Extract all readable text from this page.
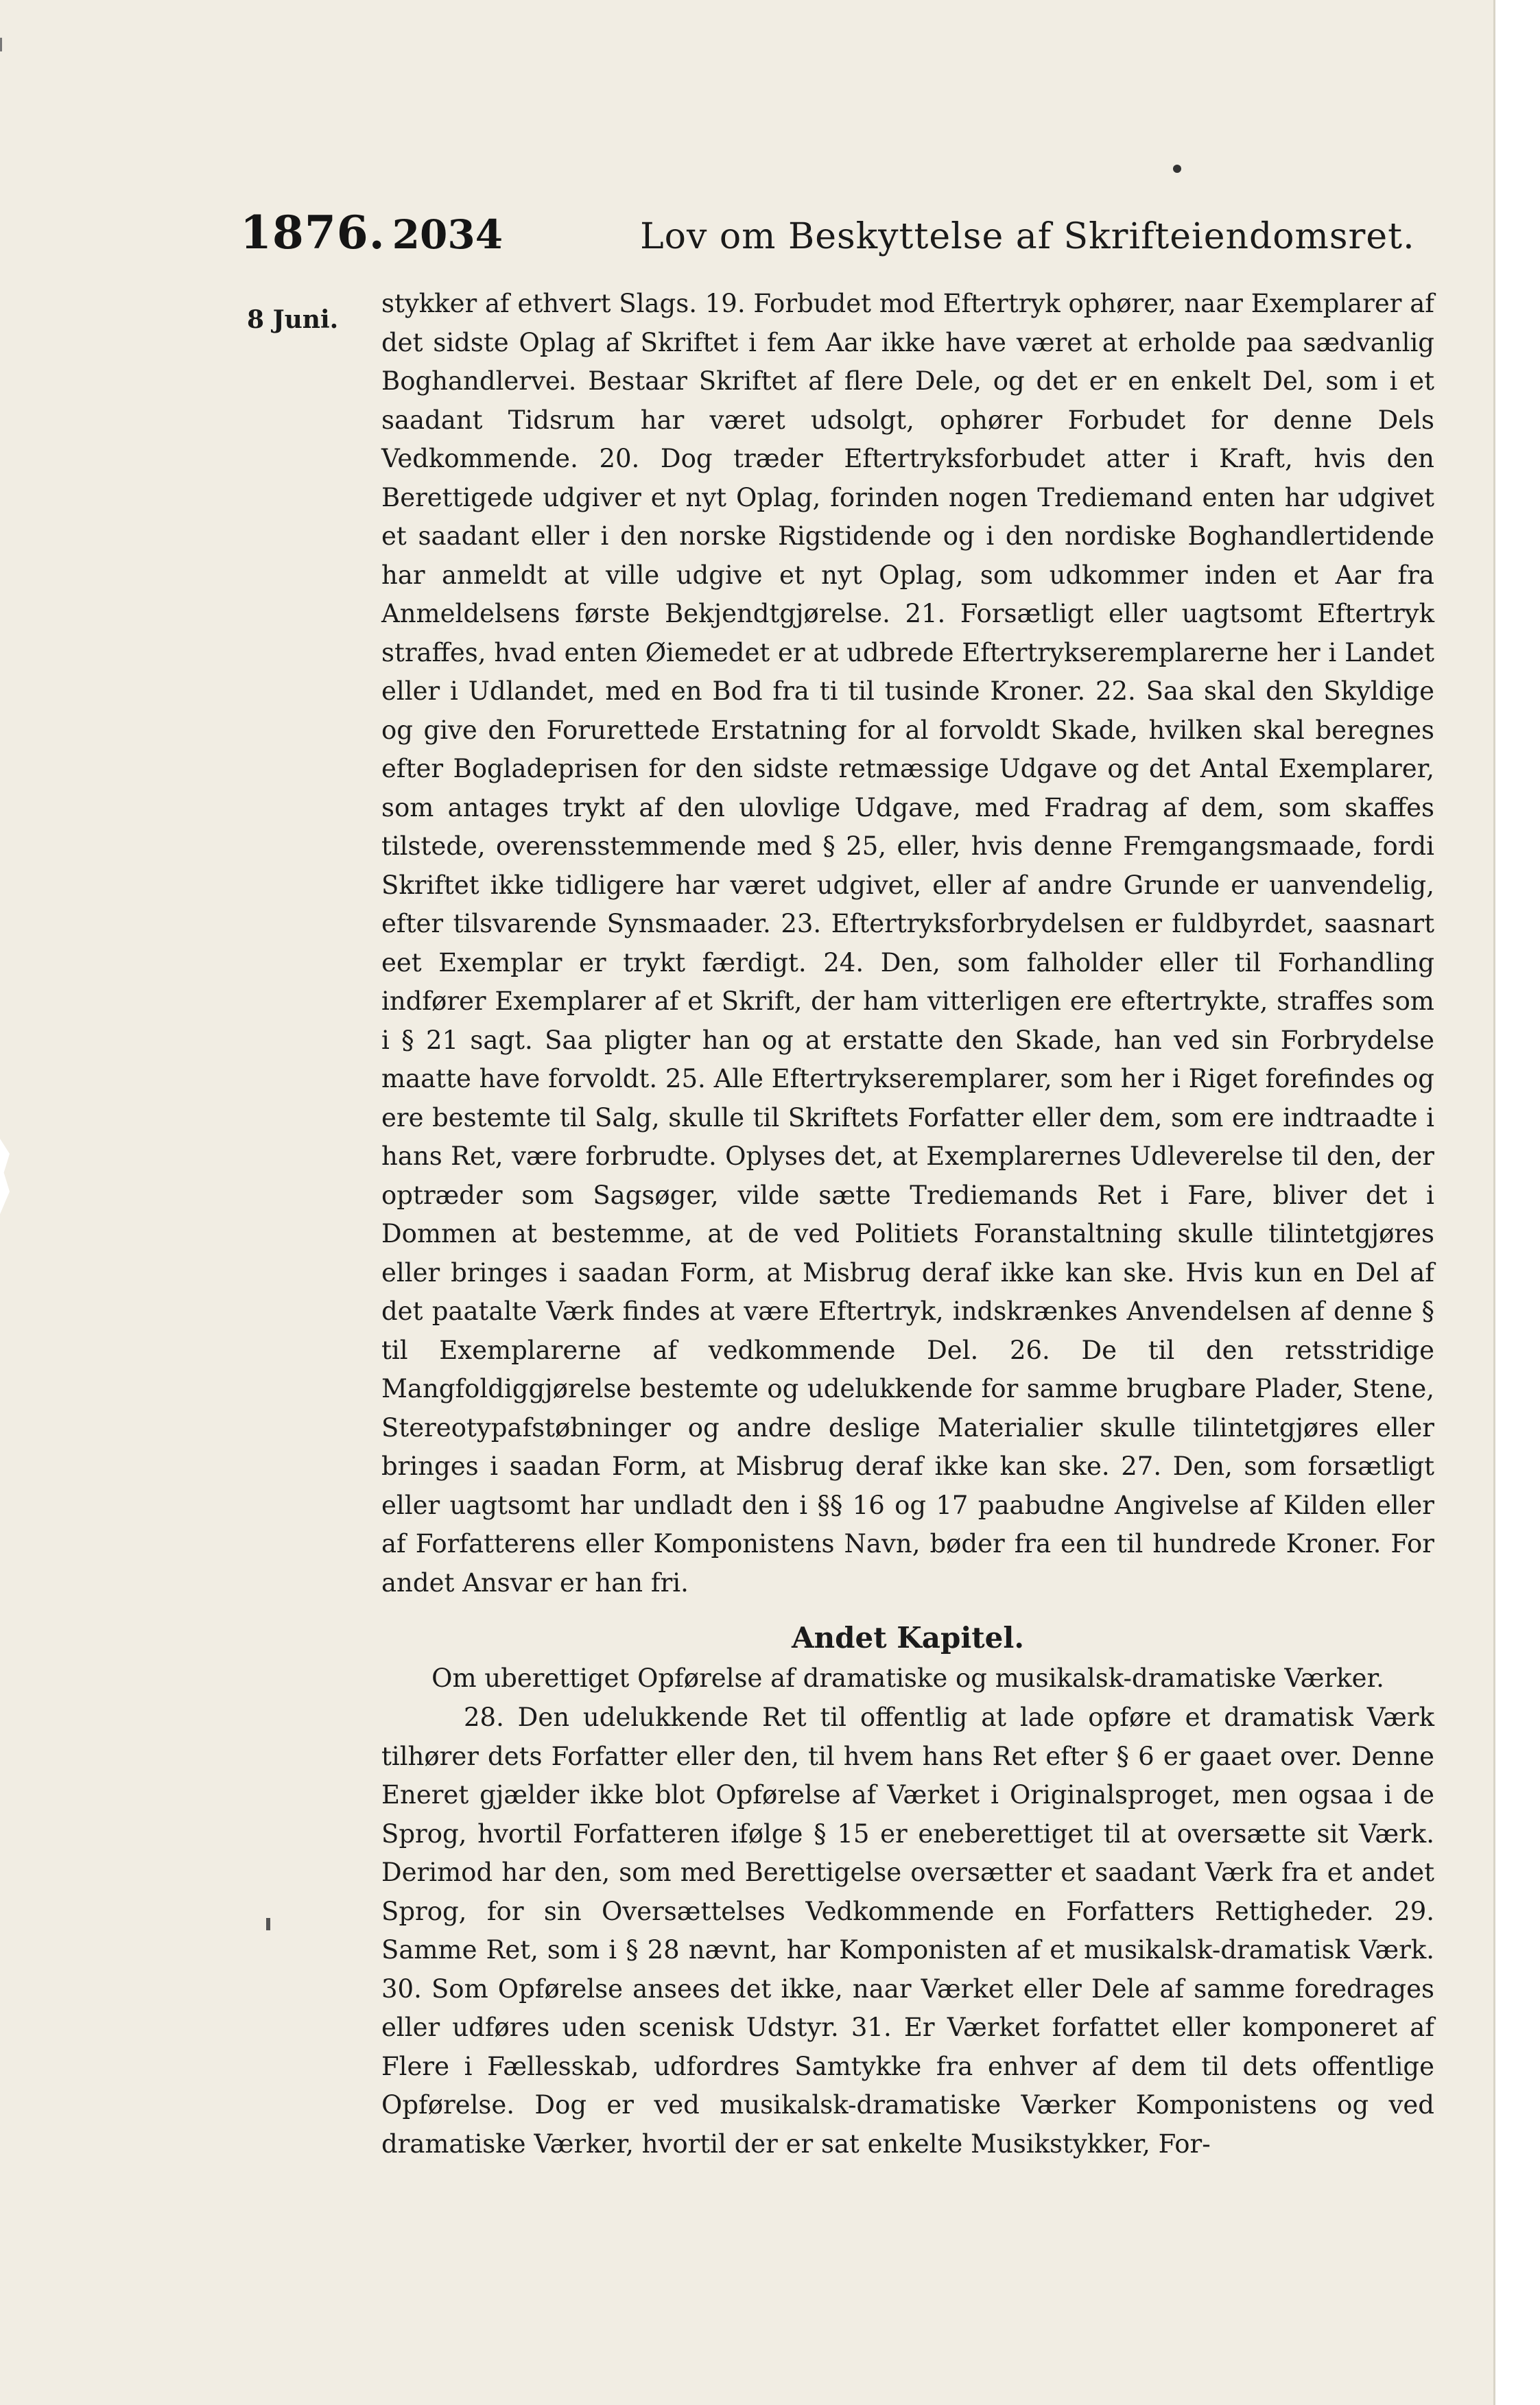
1876. 2034	Lov om Beskyttelse af Skrifteiendomsret.
8 Juni.

stykker af ethvert Slags. 19. Forbudet mod Eftertryk ophører, naar Exemplarer af det sidste Oplag af Skriftet i fem Aar ikke have været at erholde paa sædvanlig Boghandlervei. Bestaar Skriftet af flere Dele, og det er en enkelt Del, som i et saadant Tidsrum har været udsolgt, ophører Forbudet for denne Dels Vedkommende. 20. Dog træder Eftertryksforbudet atter i Kraft, hvis den Berettigede udgiver et nyt Oplag, forinden nogen Trediemand enten har udgivet et saadant eller i den norske Rigstidende og i den nordiske Boghandlertidende har anmeldt at ville udgive et nyt Oplag, som udkommer inden et Aar fra Anmeldelsens første Bekjendtgjørelse. 21. Forsætligt eller uagtsomt Eftertryk straffes, hvad enten Øiemedet er at udbrede Eftertrykseremplarerne her i Landet eller i Udlandet, med en Bod fra ti til tusinde Kroner. 22. Saa skal den Skyldige og give den Forurettede Erstatning for al forvoldt Skade, hvilken skal beregnes efter Bogladeprisen for den sidste retmæssige Udgave og det Antal Exemplarer, som antages trykt af den ulovlige Udgave, med Fradrag af dem, som skaffes tilstede, overensstemmende med § 25, eller, hvis denne Fremgangsmaade, fordi Skriftet ikke tidligere har været udgivet, eller af andre Grunde er uanvendelig, efter tilsvarende Synsmaader. 23. Eftertryksforbrydelsen er fuldbyrdet, saasnart eet Exemplar er trykt færdigt. 24. Den, som falholder eller til Forhandling indfører Exemplarer af et Skrift, der ham vitterligen ere eftertrykte, straffes som i § 21 sagt. Saa pligter han og at erstatte den Skade, han ved sin Forbrydelse maatte have forvoldt. 25. Alle Eftertrykseremplarer, som her i Riget forefindes og ere bestemte til Salg, skulle til Skriftets Forfatter eller dem, som ere indtraadte i hans Ret, være forbrudte. Oplyses det, at Exemplarernes Udleverelse til den, der optræder som Sagsøger, vilde sætte Trediemands Ret i Fare, bliver det i Dommen at bestemme, at de ved Politiets Foranstaltning skulle tilintetgjøres eller bringes i saadan Form, at Misbrug deraf ikke kan ske. Hvis kun en Del af det paatalte Værk findes at være Eftertryk, indskrænkes Anvendelsen af denne § til Exemplarerne af vedkommende Del. 26. De til den retsstridige Mangfoldiggjørelse bestemte og udelukkende for samme brugbare Plader, Stene, Stereotypafstøbninger og andre deslige Materialier skulle tilintetgjøres eller bringes i saadan Form, at Misbrug deraf ikke kan ske. 27. Den, som forsætligt eller uagtsomt har undladt den i §§ 16 og 17 paabudne Angivelse af Kilden eller af Forfatterens eller Komponistens Navn, bøder fra een til hundrede Kroner. For andet Ansvar er han fri.

Andet Kapitel.
Om uberettiget Opførelse af dramatiske og musikalsk-dramatiske Værker.

28. Den udelukkende Ret til offentlig at lade opføre et dramatisk Værk tilhører dets Forfatter eller den, til hvem hans Ret efter § 6 er gaaet over. Denne Eneret gjælder ikke blot Opførelse af Værket i Originalsproget, men ogsaa i de Sprog, hvortil Forfatteren ifølge § 15 er eneberettiget til at oversætte sit Værk. Derimod har den, som med Berettigelse oversætter et saadant Værk fra et andet Sprog, for sin Oversættelses Vedkommende en Forfatters Rettigheder. 29. Samme Ret, som i § 28 nævnt, har Komponisten af et musikalsk-dramatisk Værk. 30. Som Opførelse ansees det ikke, naar Værket eller Dele af samme foredrages eller udføres uden scenisk Udstyr. 31. Er Værket forfattet eller komponeret af Flere i Fællesskab, udfordres Samtykke fra enhver af dem til dets offentlige Opførelse. Dog er ved musikalsk-dramatiske Værker Komponistens og ved dramatiske Værker, hvortil der er sat enkelte Musikstykker, For-
